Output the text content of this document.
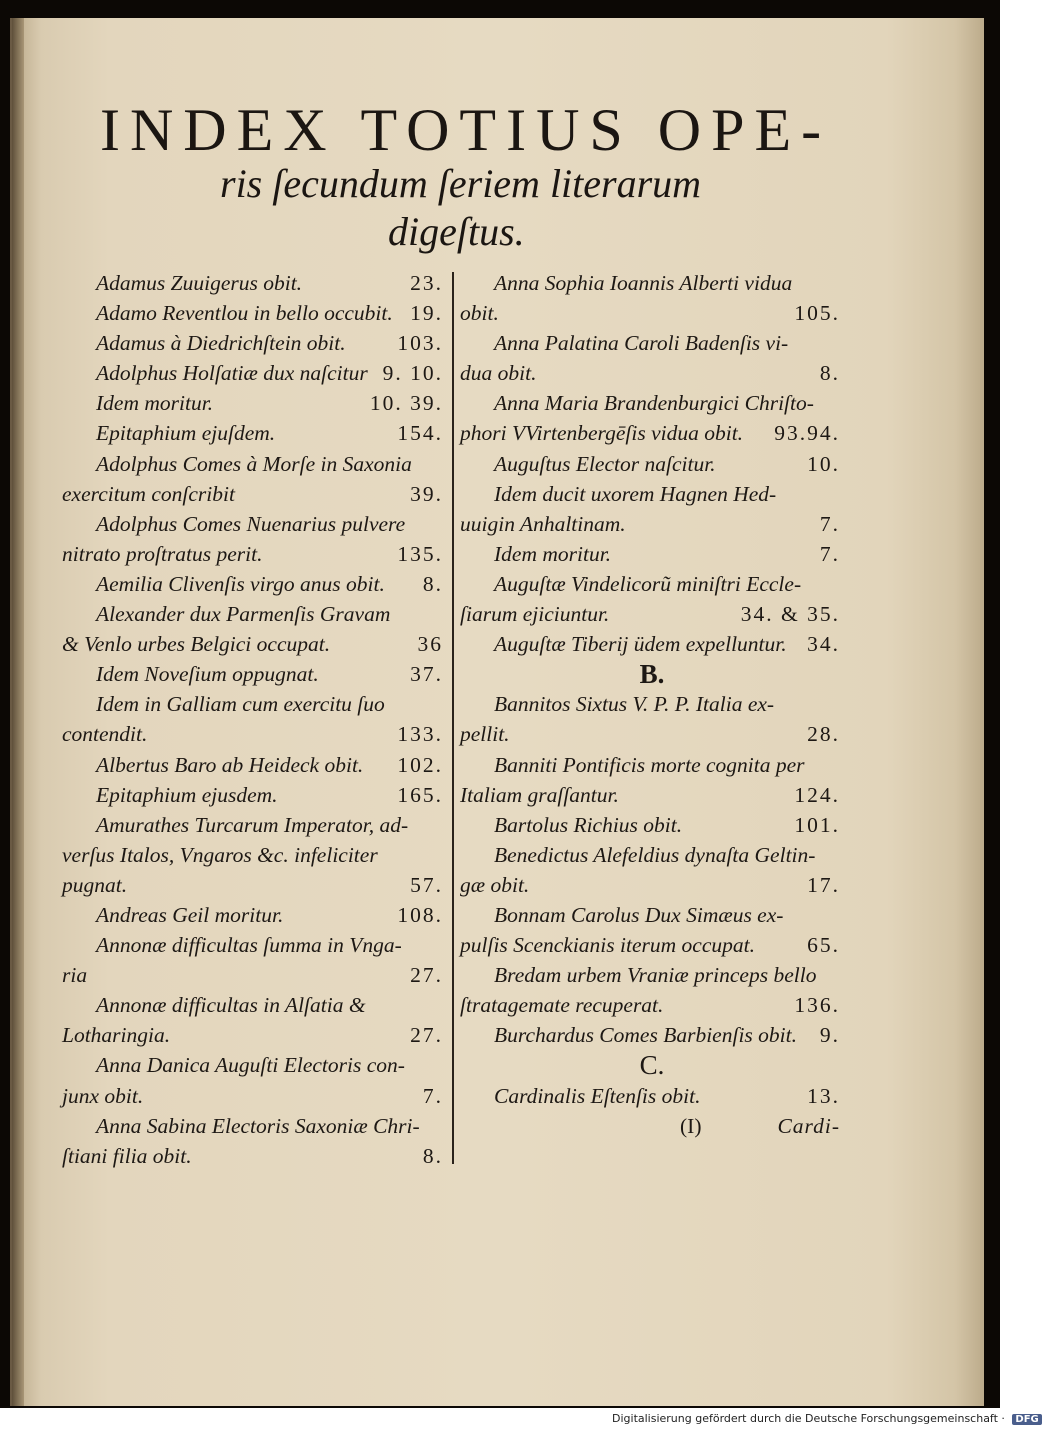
INDEX TOTIUS OPE-
ris ſecundum ſeriem literarum
digeſtus.
Adamus Zuuigerus obit.	23.
Adamo Reventlou in bello occubit. 19.
Adamus à Diedrichſtein obit. 103.
Adolphus Holſatiæ dux naſcitur 9. 10.
Idem moritur.	10. 39.
Epitaphium ejuſdem.	154.
Adolphus Comes à Morſe in Saxonia
exercitum conſcribit	39.
Adolphus Comes Nuenarius pulvere
nitrato proſtratus perit.	135.
Aemilia Clivenſis virgo anus obit. 8.
Alexander dux Parmenſis Gravam
& Venlo urbes Belgici occupat.	36
Idem Noveſium oppugnat.	37.
Idem in Galliam cum exercitu ſuo
contendit.	133.
Albertus Baro ab Heideck obit. 102.
Epitaphium ejusdem.	165.
Amurathes Turcarum Imperator, ad-
verſus Italos, Vngaros &c. infeliciter
pugnat.	57.
Andreas Geil moritur.	108.
Annonæ difficultas ſumma in Vnga-
ria	27.
Annonæ difficultas in Alſatia &
Lotharingia.	27.
Anna Danica Auguſti Electoris con-
junx obit.	7.
Anna Sabina Electoris Saxoniæ Chri-
ſtiani filia obit.	8.
Anna Sophia Ioannis Alberti vidua
obit.	105.
Anna Palatina Caroli Badenſis vi-
dua obit.	8.
Anna Maria Brandenburgici Chriſto-
phori VVirtenbergēſis vidua obit. 93.94.
Auguſtus Elector naſcitur.	10.
Idem ducit uxorem Hagnen Hed-
uuigin Anhaltinam.	7.
Idem moritur.	7.
Auguſtæ Vindelicorũ miniſtri Eccle-
ſiarum ejiciuntur.	34. & 35.
Auguſtæ Tiberij üdem expelluntur. 34.
B.
Bannitos Sixtus V. P. P. Italia ex-
pellit.	28.
Banniti Pontificis morte cognita per
Italiam graſſantur.	124.
Bartolus Richius obit.	101.
Benedictus Alefeldius dynaſta Geltin-
gæ obit.	17.
Bonnam Carolus Dux Simæus ex-
pulſis Scenckianis iterum occupat. 65.
Bredam urbem Vraniæ princeps bello
ſtratagemate recuperat.	136.
Burchardus Comes Barbienſis obit. 9.
C.
Cardinalis Eſtenſis obit.	13.
(I)	Cardi-
Digitalisierung gefördert durch die Deutsche Forschungsgemeinschaft · DFG
